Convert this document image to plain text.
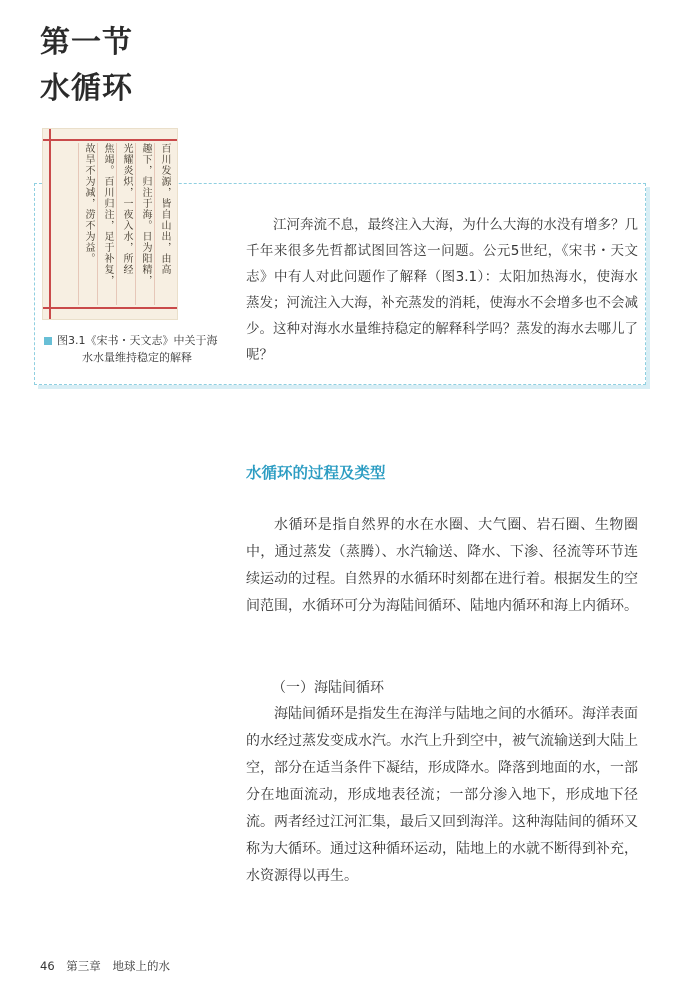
第一节
水循环
百川发源，皆自山出，由高
趣下，归注于海。日为阳精，
光耀炎炽，一夜入水，所经
焦竭。百川归注，足于补复，
故旱不为减，涝不为益。
图3.1《宋书・天文志》中关于海
水水量维持稳定的解释
江河奔流不息，最终注入大海，为什么大海的水没有增多？几千年来很多先哲都试图回答这一问题。公元5世纪，《宋书・天文志》中有人对此问题作了解释（图3.1）：太阳加热海水，使海水蒸发；河流注入大海，补充蒸发的消耗，使海水不会增多也不会减少。这种对海水水量维持稳定的解释科学吗？蒸发的海水去哪儿了呢？
水循环的过程及类型
水循环是指自然界的水在水圈、大气圈、岩石圈、生物圈中，通过蒸发（蒸腾）、水汽输送、降水、下渗、径流等环节连续运动的过程。自然界的水循环时刻都在进行着。根据发生的空间范围，水循环可分为海陆间循环、陆地内循环和海上内循环。
（一）海陆间循环
海陆间循环是指发生在海洋与陆地之间的水循环。海洋表面的水经过蒸发变成水汽。水汽上升到空中，被气流输送到大陆上空，部分在适当条件下凝结，形成降水。降落到地面的水，一部分在地面流动，形成地表径流；一部分渗入地下，形成地下径流。两者经过江河汇集，最后又回到海洋。这种海陆间的循环又称为大循环。通过这种循环运动，陆地上的水就不断得到补充，水资源得以再生。
46 第三章 地球上的水
